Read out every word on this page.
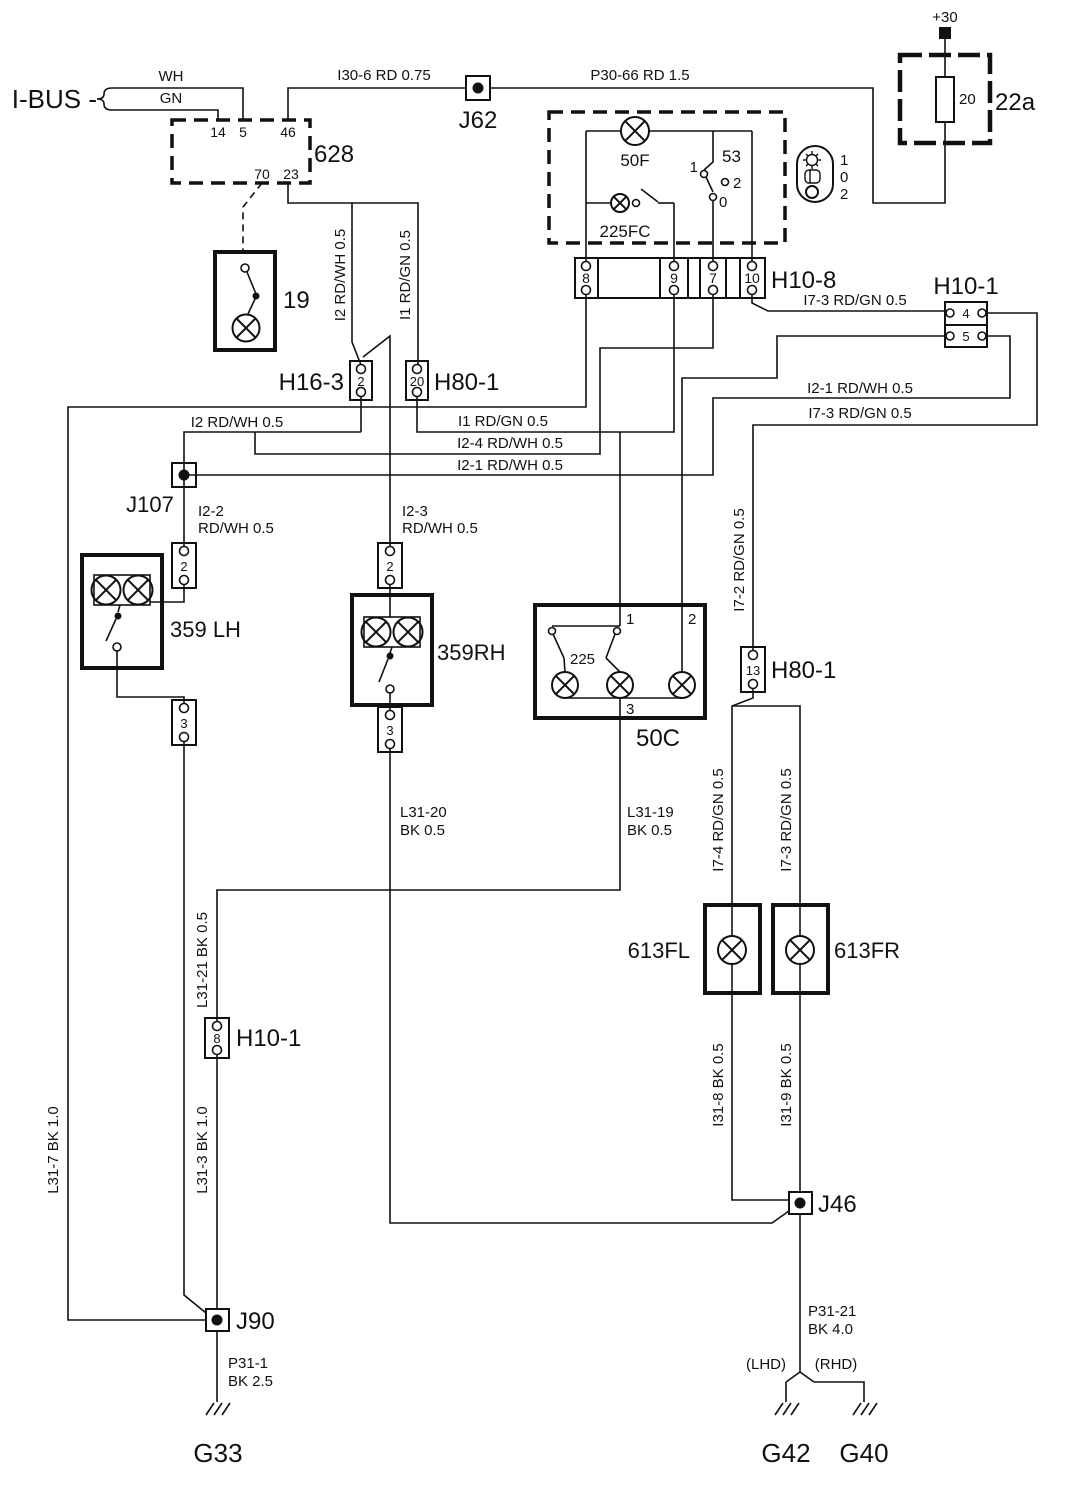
I-BUS -
WH
GN
+30
20 22a
P30-66 RD 1.5
J62
I30-6 RD 0.75
628
14 5 46
70 23
19
50F
225FC
1
2
0
53	1
0
2
8	9 7 10 H10-8	H10-1
4
5
I2 RD/WH 0.5	I1 RD/GN 0.5
H16-3 2	20 H80-1
I2 RD/WH 0.5	I1 RD/GN 0.5
I2-4 RD/WH 0.5
I2-1 RD/WH 0.5
I2-1 RD/WH 0.5
I7-3 RD/GN 0.5
I7-3 RD/GN 0.5
I7-2 RD/GN 0.5
J107 I2-2
RD/WH 0.5
I2-3
RD/WH 0.5
2
359 LH
3
2
359RH
3
L31-20
BK 0.5
1	2
225
3
50C
L31-19
BK 0.5
13 H80-1
I7-4 RD/GN 0.5	I7-3 RD/GN 0.5
613FL
I31-8 BK 0.5
613FR
I31-9 BK 0.5
L31-21 BK 0.5
8 H10-1
L31-3 BK 1.0
L31-7 BK 1.0
J90
P31-1
BK 2.5
G33
J46
P31-21
BK 4.0
(LHD) (RHD)
G42 G40
